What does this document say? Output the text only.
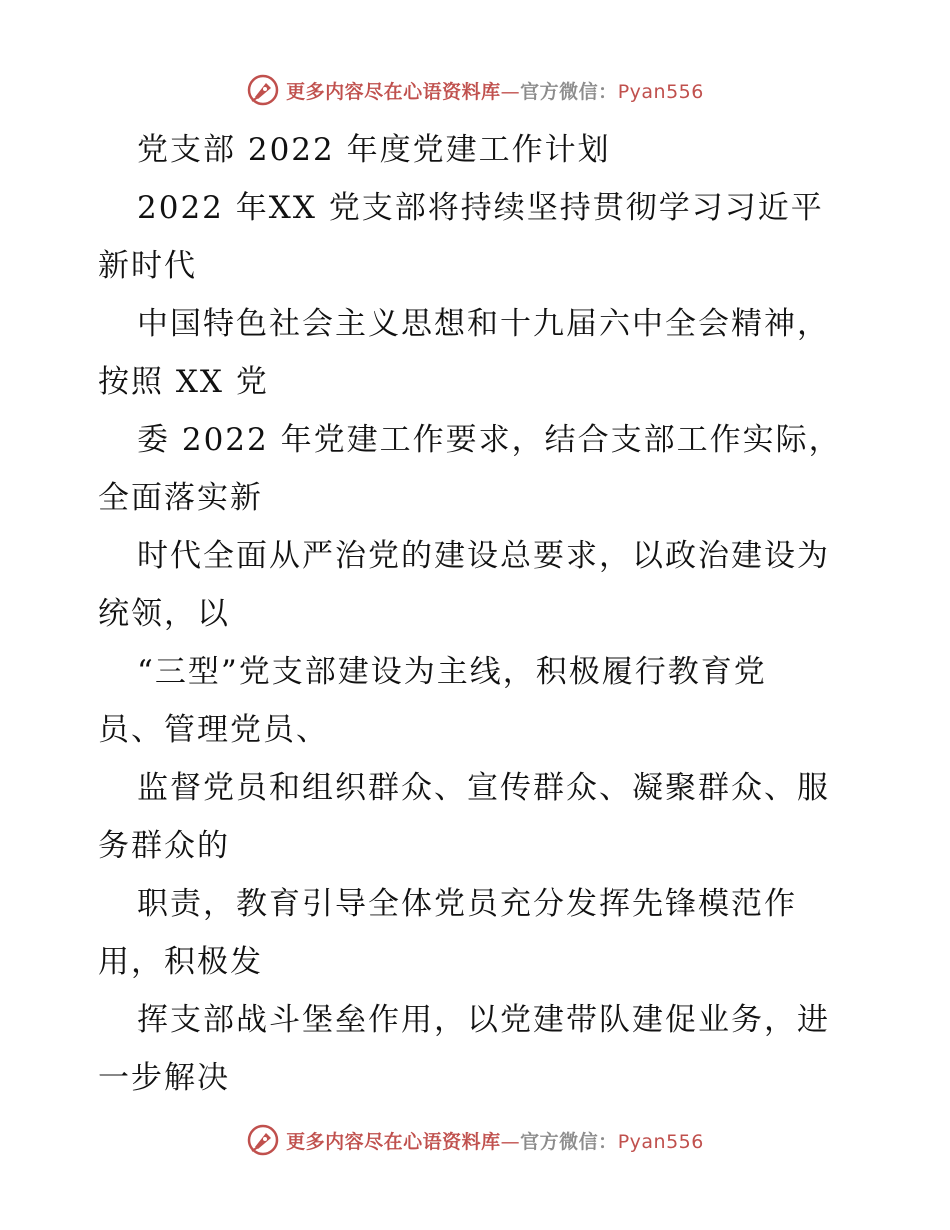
更多内容尽在心语资料库—官方微信：Pyan556
党支部 2022 年度党建工作计划
2022 年XX 党支部将持续坚持贯彻学习习近平
新时代
中国特色社会主义思想和十九届六中全会精神，
按照 XX 党
委 2022 年党建工作要求，结合支部工作实际，
全面落实新
时代全面从严治党的建设总要求，以政治建设为
统领，以
“三型”党支部建设为主线，积极履行教育党
员、管理党员、
监督党员和组织群众、宣传群众、凝聚群众、服
务群众的
职责，教育引导全体党员充分发挥先锋模范作
用，积极发
挥支部战斗堡垒作用，以党建带队建促业务，进
一步解决
更多内容尽在心语资料库—官方微信：Pyan556
